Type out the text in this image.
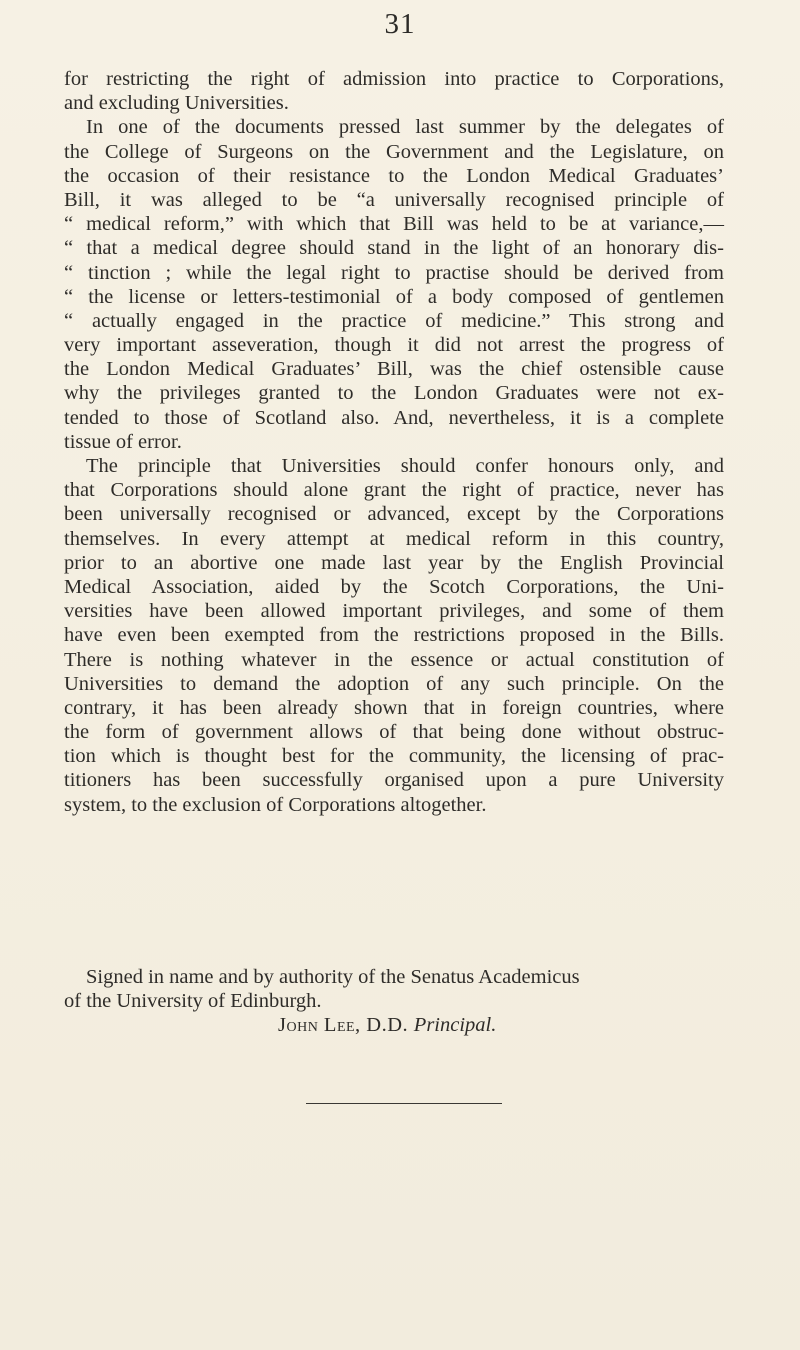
31
for restricting the right of admission into practice to Corporations,
and excluding Universities.
In one of the documents pressed last summer by the delegates of
the College of Surgeons on the Government and the Legislature, on
the occasion of their resistance to the London Medical Graduates’
Bill, it was alleged to be “a universally recognised principle of
“ medical reform,” with which that Bill was held to be at variance,—
“ that a medical degree should stand in the light of an honorary dis-
“ tinction ; while the legal right to practise should be derived from
“ the license or letters-testimonial of a body composed of gentlemen
“ actually engaged in the practice of medicine.” This strong and
very important asseveration, though it did not arrest the progress of
the London Medical Graduates’ Bill, was the chief ostensible cause
why the privileges granted to the London Graduates were not ex-
tended to those of Scotland also. And, nevertheless, it is a complete
tissue of error.
The principle that Universities should confer honours only, and
that Corporations should alone grant the right of practice, never has
been universally recognised or advanced, except by the Corporations
themselves. In every attempt at medical reform in this country,
prior to an abortive one made last year by the English Provincial
Medical Association, aided by the Scotch Corporations, the Uni-
versities have been allowed important privileges, and some of them
have even been exempted from the restrictions proposed in the Bills.
There is nothing whatever in the essence or actual constitution of
Universities to demand the adoption of any such principle. On the
contrary, it has been already shown that in foreign countries, where
the form of government allows of that being done without obstruc-
tion which is thought best for the community, the licensing of prac-
titioners has been successfully organised upon a pure University
system, to the exclusion of Corporations altogether.
Signed in name and by authority of the Senatus Academicus
of the University of Edinburgh.
John Lee, D.D. Principal.
